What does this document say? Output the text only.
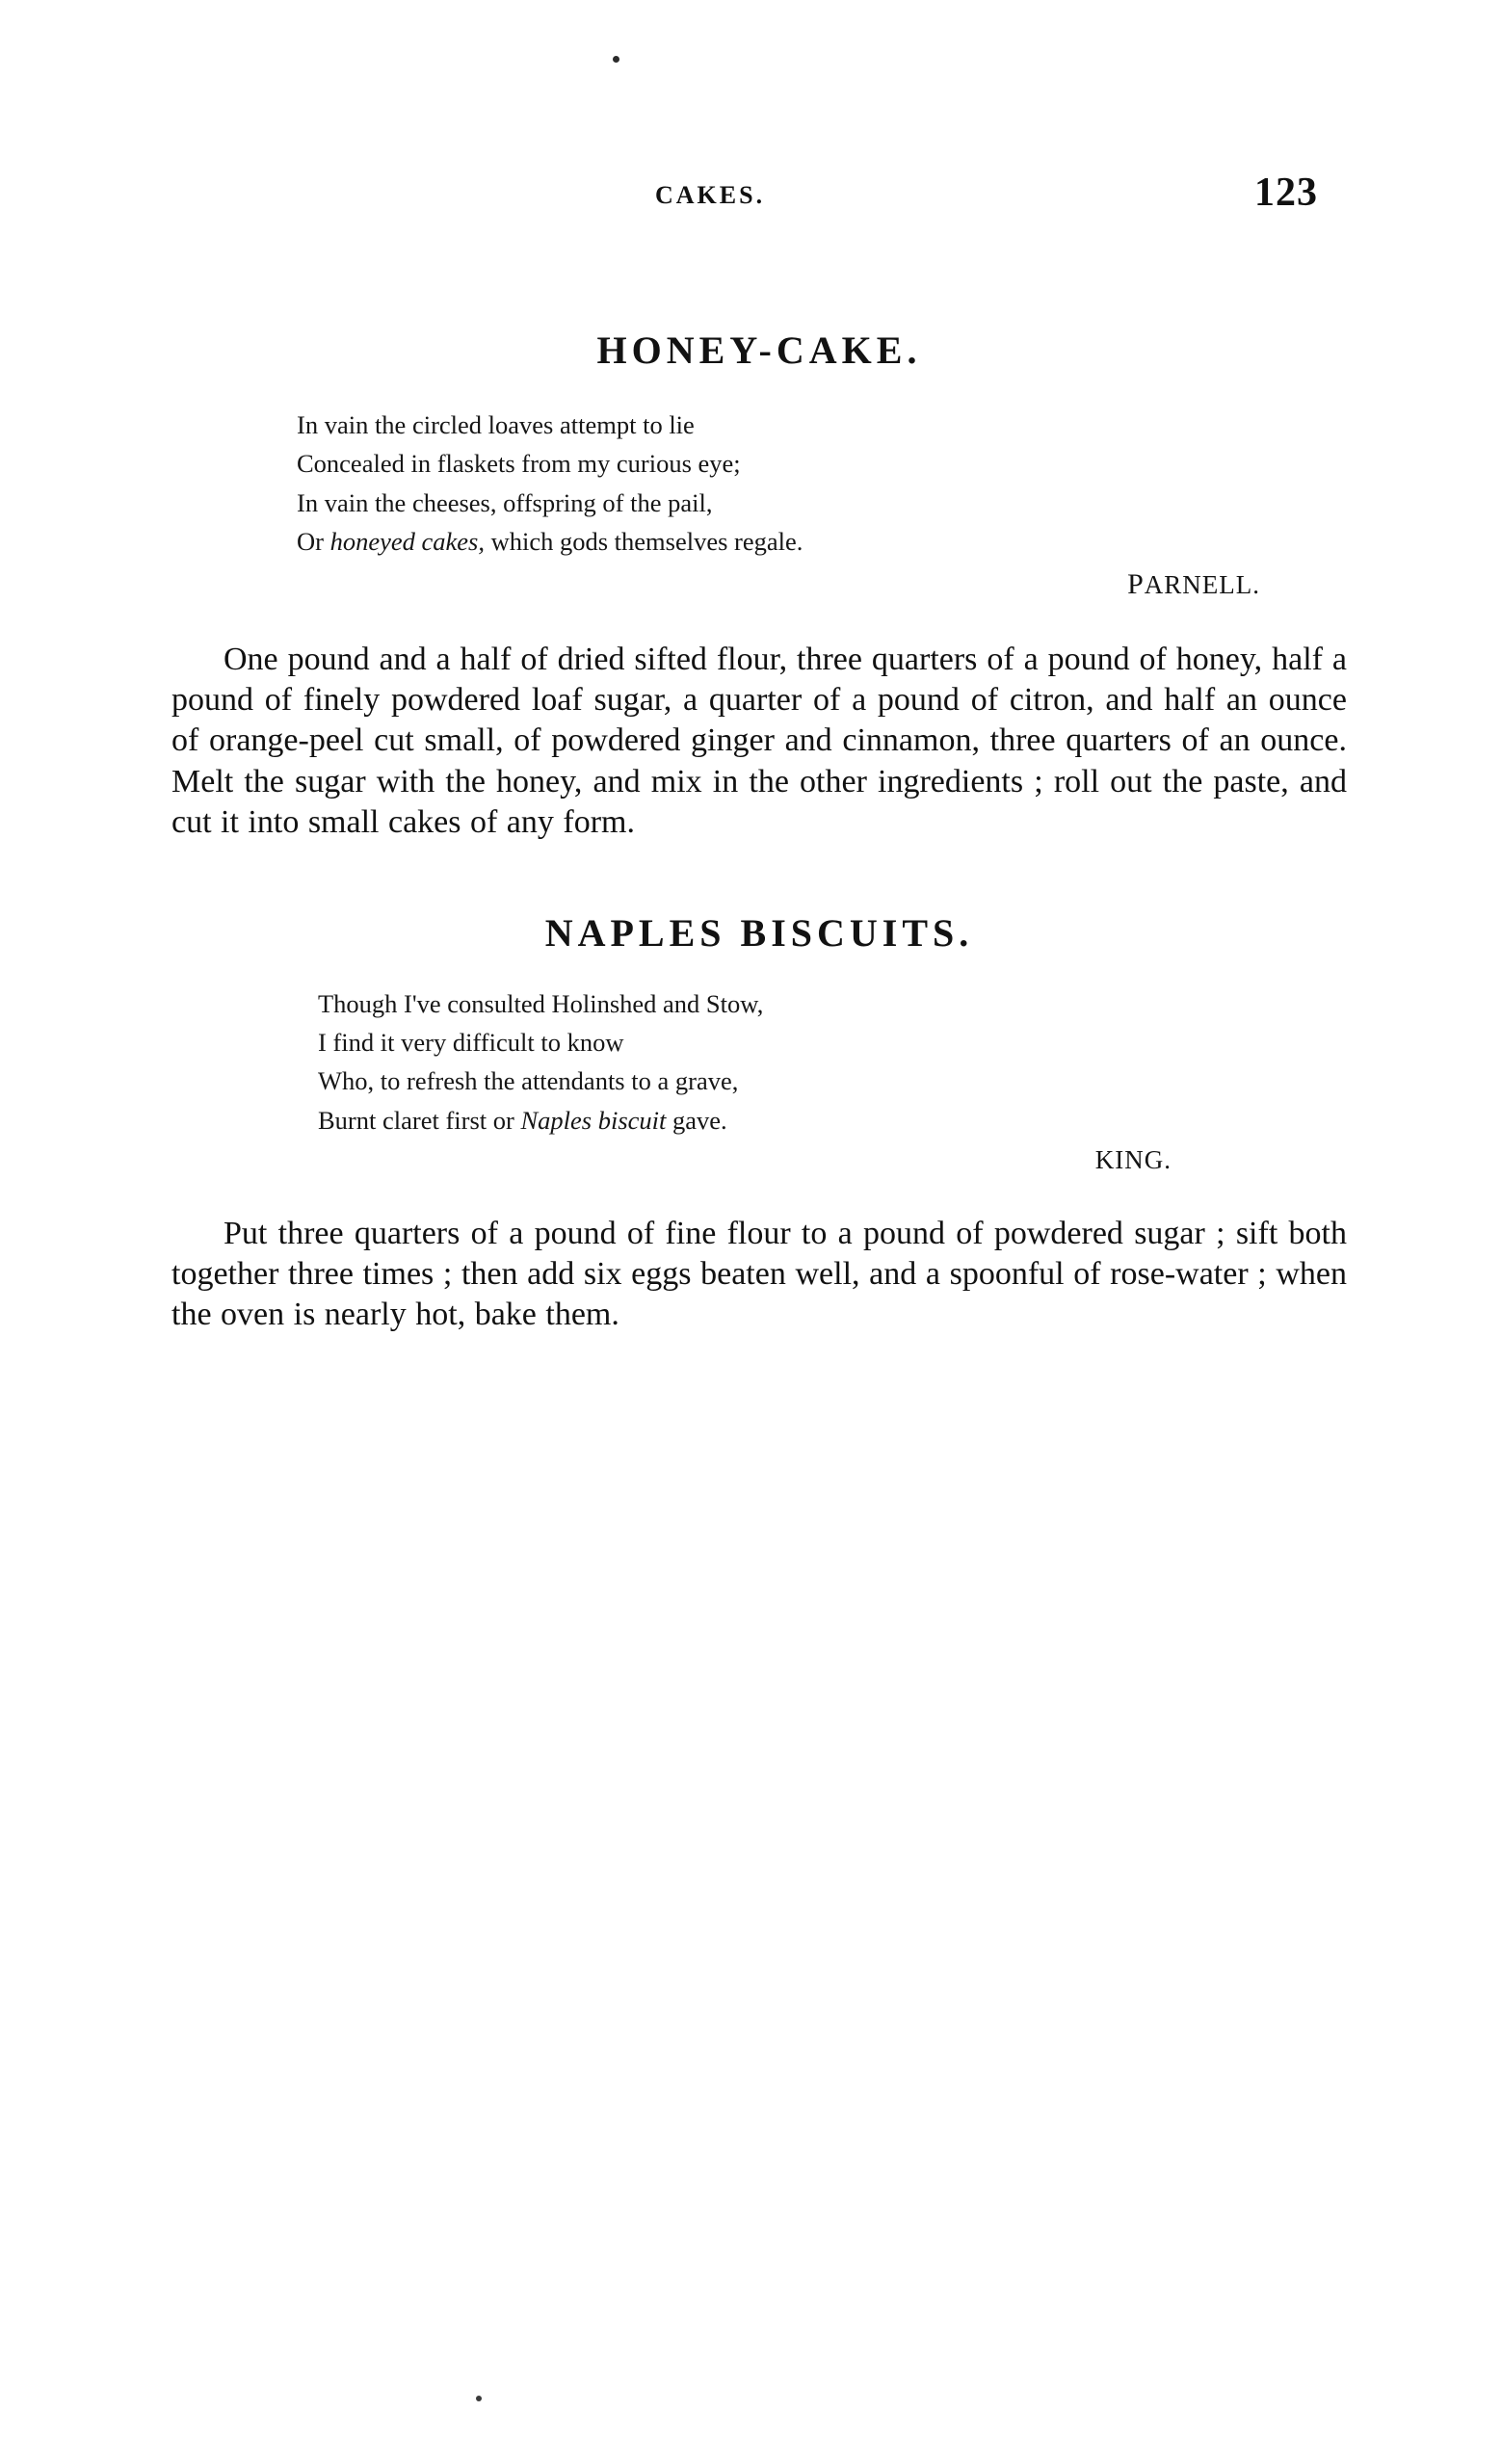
CAKES.	123
HONEY-CAKE.
In vain the circled loaves attempt to lie
Concealed in flaskets from my curious eye;
In vain the cheeses, offspring of the pail,
Or honeyed cakes, which gods themselves regale.
PARNELL.

One pound and a half of dried sifted flour, three quarters of a pound of honey, half a pound of finely powdered loaf sugar, a quarter of a pound of citron, and half an ounce of orange-peel cut small, of powdered ginger and cinnamon, three quarters of an ounce. Melt the sugar with the honey, and mix in the other ingredients ; roll out the paste, and cut it into small cakes of any form.

NAPLES BISCUITS.
Though I've consulted Holinshed and Stow,
I find it very difficult to know
Who, to refresh the attendants to a grave,
Burnt claret first or Naples biscuit gave.
KING.

Put three quarters of a pound of fine flour to a pound of powdered sugar ; sift both together three times ; then add six eggs beaten well, and a spoonful of rose-water ; when the oven is nearly hot, bake them.
